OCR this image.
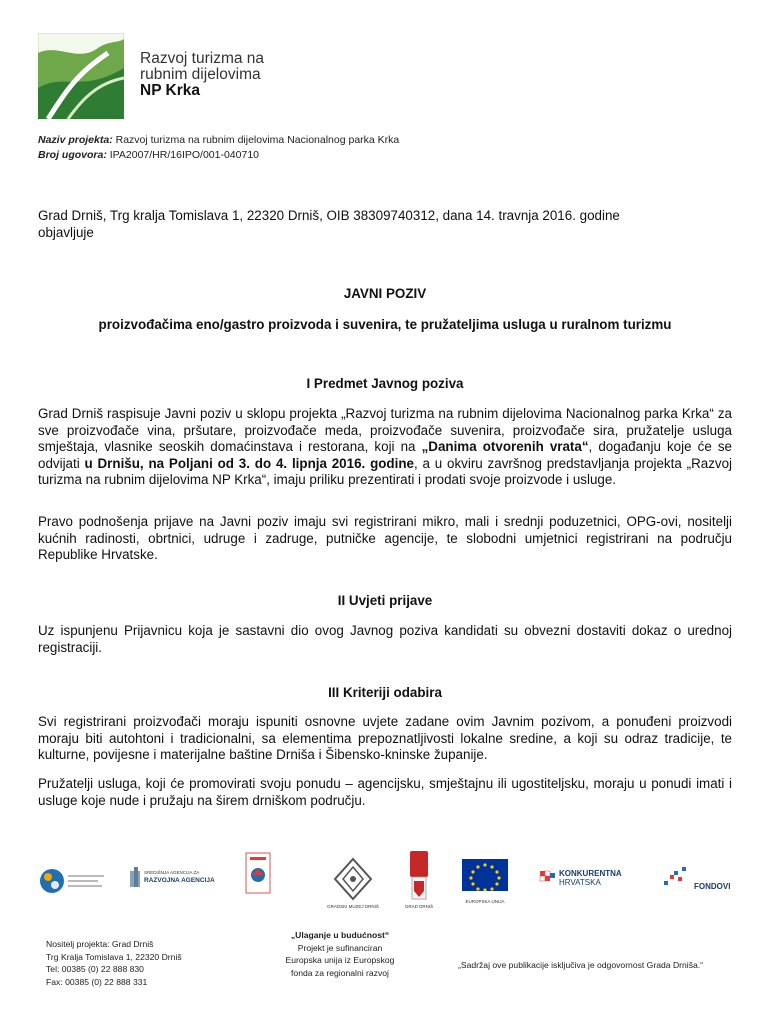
Razvoj turizma na
rubnim dijelovima
NP Krka
Naziv projekta: Razvoj turizma na rubnim dijelovima Nacionalnog parka Krka
Broj ugovora: IPA2007/HR/16IPO/001-040710
Grad Drniš, Trg kralja Tomislava 1, 22320 Drniš, OIB 38309740312, dana 14. travnja 2016. godine
objavljuje
JAVNI POZIV
proizvođačima eno/gastro proizvoda i suvenira, te pružateljima usluga u ruralnom turizmu
I Predmet Javnog poziva
Grad Drniš raspisuje Javni poziv u sklopu projekta „Razvoj turizma na rubnim dijelovima Nacionalnog parka Krka“ za sve proizvođače vina, pršutare, proizvođače meda, proizvođače suvenira, proizvođače sira, pružatelje usluga smještaja, vlasnike seoskih domaćinstava i restorana, koji na „Danima otvorenih vrata“, događanju koje će se odvijati u Drnišu, na Poljani od 3. do 4. lipnja 2016. godine, a u okviru završnog predstavljanja projekta „Razvoj turizma na rubnim dijelovima NP Krka“, imaju priliku prezentirati i prodati svoje proizvode i usluge.
Pravo podnošenja prijave na Javni poziv imaju svi registrirani mikro, mali i srednji poduzetnici, OPG-ovi, nositelji kućnih radinosti, obrtnici, udruge i zadruge, putničke agencije, te slobodni umjetnici registrirani na području Republike Hrvatske.
II Uvjeti prijave
Uz ispunjenu Prijavnicu koja je sastavni dio ovog Javnog poziva kandidati su obvezni dostaviti dokaz o urednoj registraciji.
III Kriteriji odabira
Svi registrirani proizvođači moraju ispuniti osnovne uvjete zadane ovim Javnim pozivom, a ponuđeni proizvodi moraju biti autohtoni i tradicionalni, sa elementima prepoznatljivosti lokalne sredine, a koji su odraz tradicije, te kulturne, povijesne i materijalne baštine Drniša i Šibensko-kninske županije.
Pružatelji usluga, koji će promovirati svoju ponudu – agencijsku, smještajnu ili ugostiteljsku, moraju u ponudi imati i usluge koje nude i pružaju na širem drniškom području.
SREDIŠNJA AGENCIJA ZA
RAZVOJNA AGENCIJA
GRADSKI MUZEJ DRNIŠ	GRAD DRNIŠ
EUROPSKA UNIJA
KONKURENTNA
HRVATSKA	FONDOVI
Nositelj projekta: Grad Drniš
Trg Kralja Tomislava 1, 22320 Drniš
Tel: 00385 (0) 22 888 830
Fax: 00385 (0) 22 888 331
„Ulaganje u budućnost“
Projekt je sufinanciran
Europska unija iz Europskog
fonda za regionalni razvoj
„Sadržaj ove publikacije isključiva je odgovornost Grada Drniša.“
